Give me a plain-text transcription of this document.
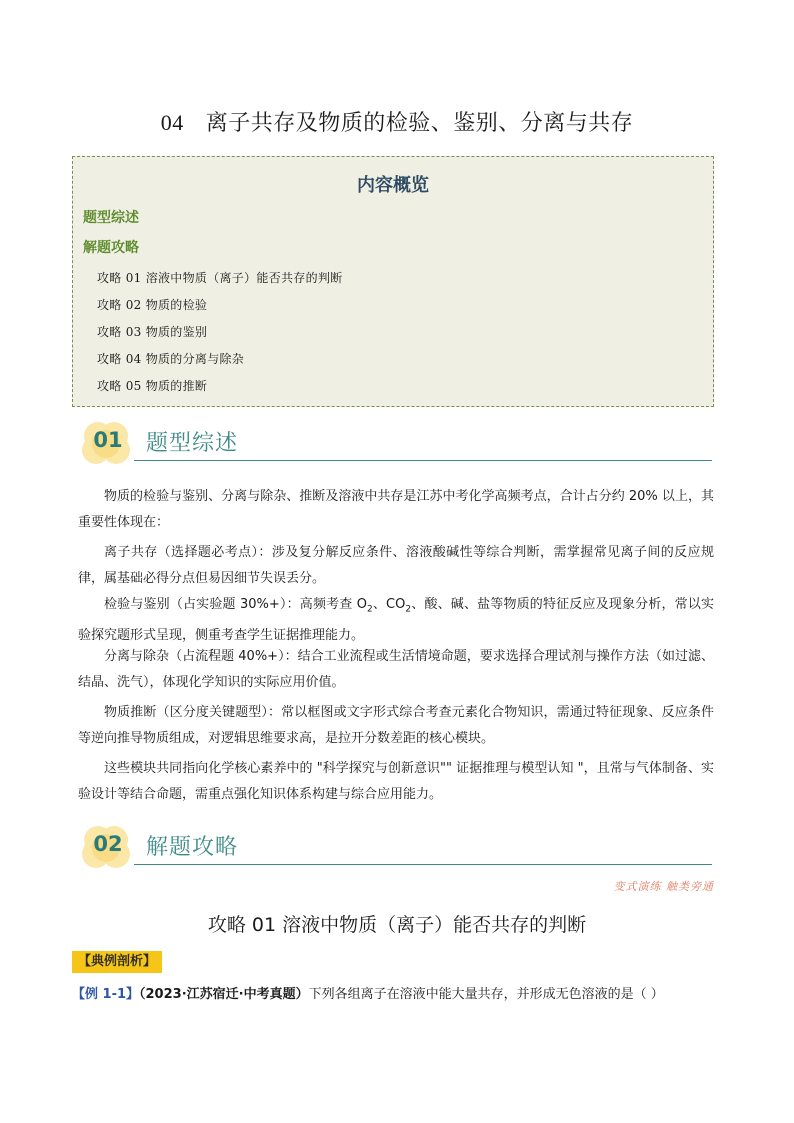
04 离子共存及物质的检验、鉴别、分离与共存
内容概览
题型综述
解题攻略
攻略 01 溶液中物质（离子）能否共存的判断
攻略 02 物质的检验
攻略 03 物质的鉴别
攻略 04 物质的分离与除杂
攻略 05 物质的推断
01	题型综述
物质的检验与鉴别、分离与除杂、推断及溶液中共存是江苏中考化学高频考点，合计占分约 20% 以上，其重要性体现在：
离子共存（选择题必考点）：涉及复分解反应条件、溶液酸碱性等综合判断，需掌握常见离子间的反应规律，属基础必得分点但易因细节失误丢分。
检验与鉴别（占实验题 30%+）：高频考查 $O_2$、$CO_2$、酸、碱、盐等物质的特征反应及现象分析，常以实验探究题形式呈现，侧重考查学生证据推理能力。
分离与除杂（占流程题 40%+）：结合工业流程或生活情境命题，要求选择合理试剂与操作方法（如过滤、结晶、洗气），体现化学知识的实际应用价值。
物质推断（区分度关键题型）：常以框图或文字形式综合考查元素化合物知识，需通过特征现象、反应条件等逆向推导物质组成，对逻辑思维要求高，是拉开分数差距的核心模块。
这些模块共同指向化学核心素养中的 "科学探究与创新意识"" 证据推理与模型认知 "，且常与气体制备、实验设计等结合命题，需重点强化知识体系构建与综合应用能力。
02	解题攻略
变式演练 触类旁通
攻略 01 溶液中物质（离子）能否共存的判断
【典例剖析】
【例 1-1】（2023·江苏宿迁·中考真题）下列各组离子在溶液中能大量共存，并形成无色溶液的是（ ）
